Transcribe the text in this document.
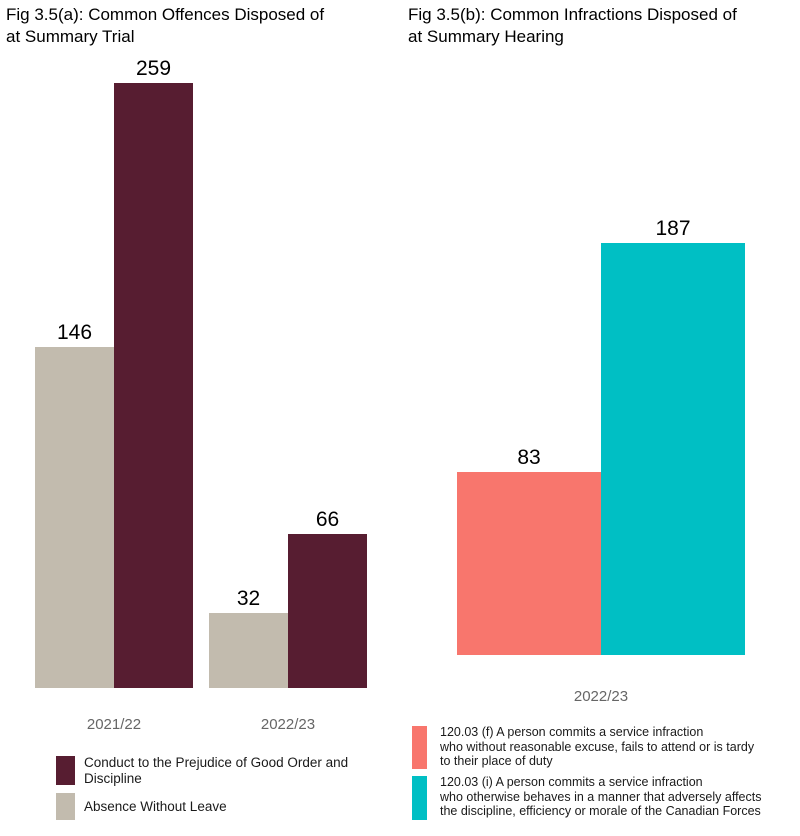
Fig 3.5(a): Common Offences Disposed of
at Summary Trial
Fig 3.5(b): Common Infractions Disposed of
at Summary Hearing
Conduct to the Prejudice of Good Order and
Discipline
Absence Without Leave
120.03 (f) A person commits a service infraction
who without reasonable excuse, fails to attend or is tardy
to their place of duty
120.03 (i) A person commits a service infraction
who otherwise behaves in a manner that adversely affects
the discipline, efficiency or morale of the Canadian Forces
146
259
32
66
2021/22	2022/23
83
187
2022/23
